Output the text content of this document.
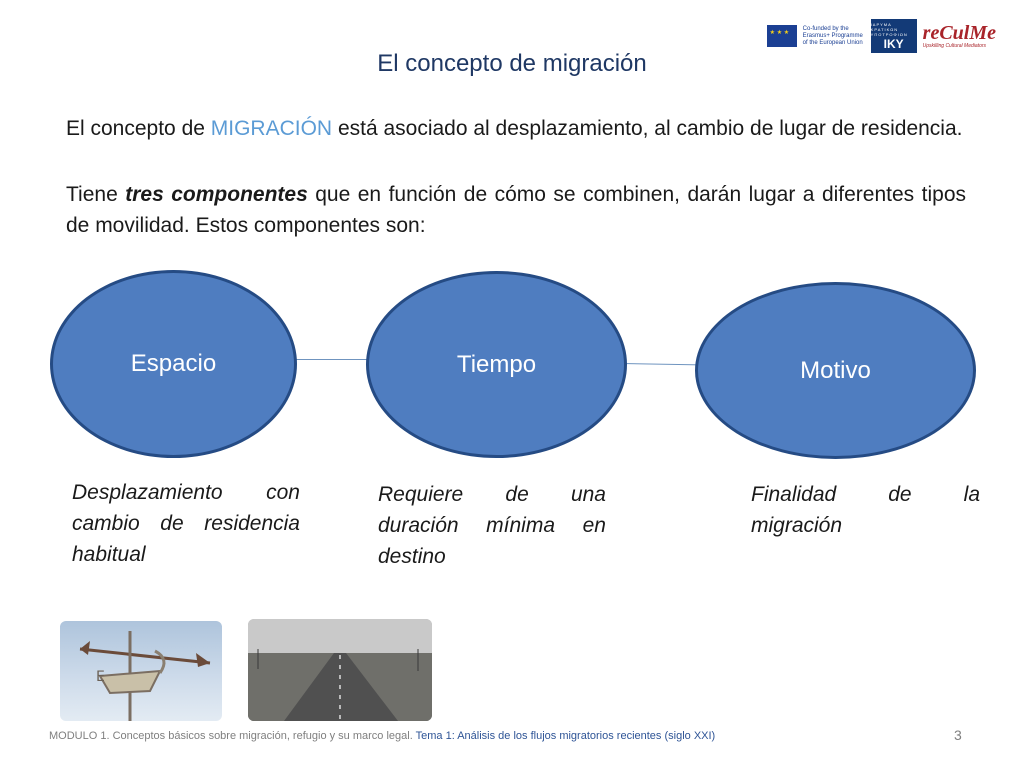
★ ★ ★
Co-funded by the Erasmus+ Programme of the European Union
ΙΔΡΥΜΑ ΚΡΑΤΙΚΩΝ ΥΠΟΤΡΟΦΙΩΝ
IKY reCulMe
Upskilling Cultural Mediators
El concepto de migración
El concepto de MIGRACIÓN está asociado al desplazamiento, al cambio de lugar de residencia.
Tiene tres componentes que en función de cómo se combinen, darán lugar a diferentes tipos de movilidad. Estos componentes son:
Espacio	Tiempo	Motivo
Desplazamiento con cambio de residencia habitual
Requiere de una duración mínima en destino
Finalidad de la migración
E
MODULO 1. Conceptos básicos sobre migración, refugio y su marco legal. Tema 1: Análisis de los flujos migratorios recientes (siglo XXI)	3
